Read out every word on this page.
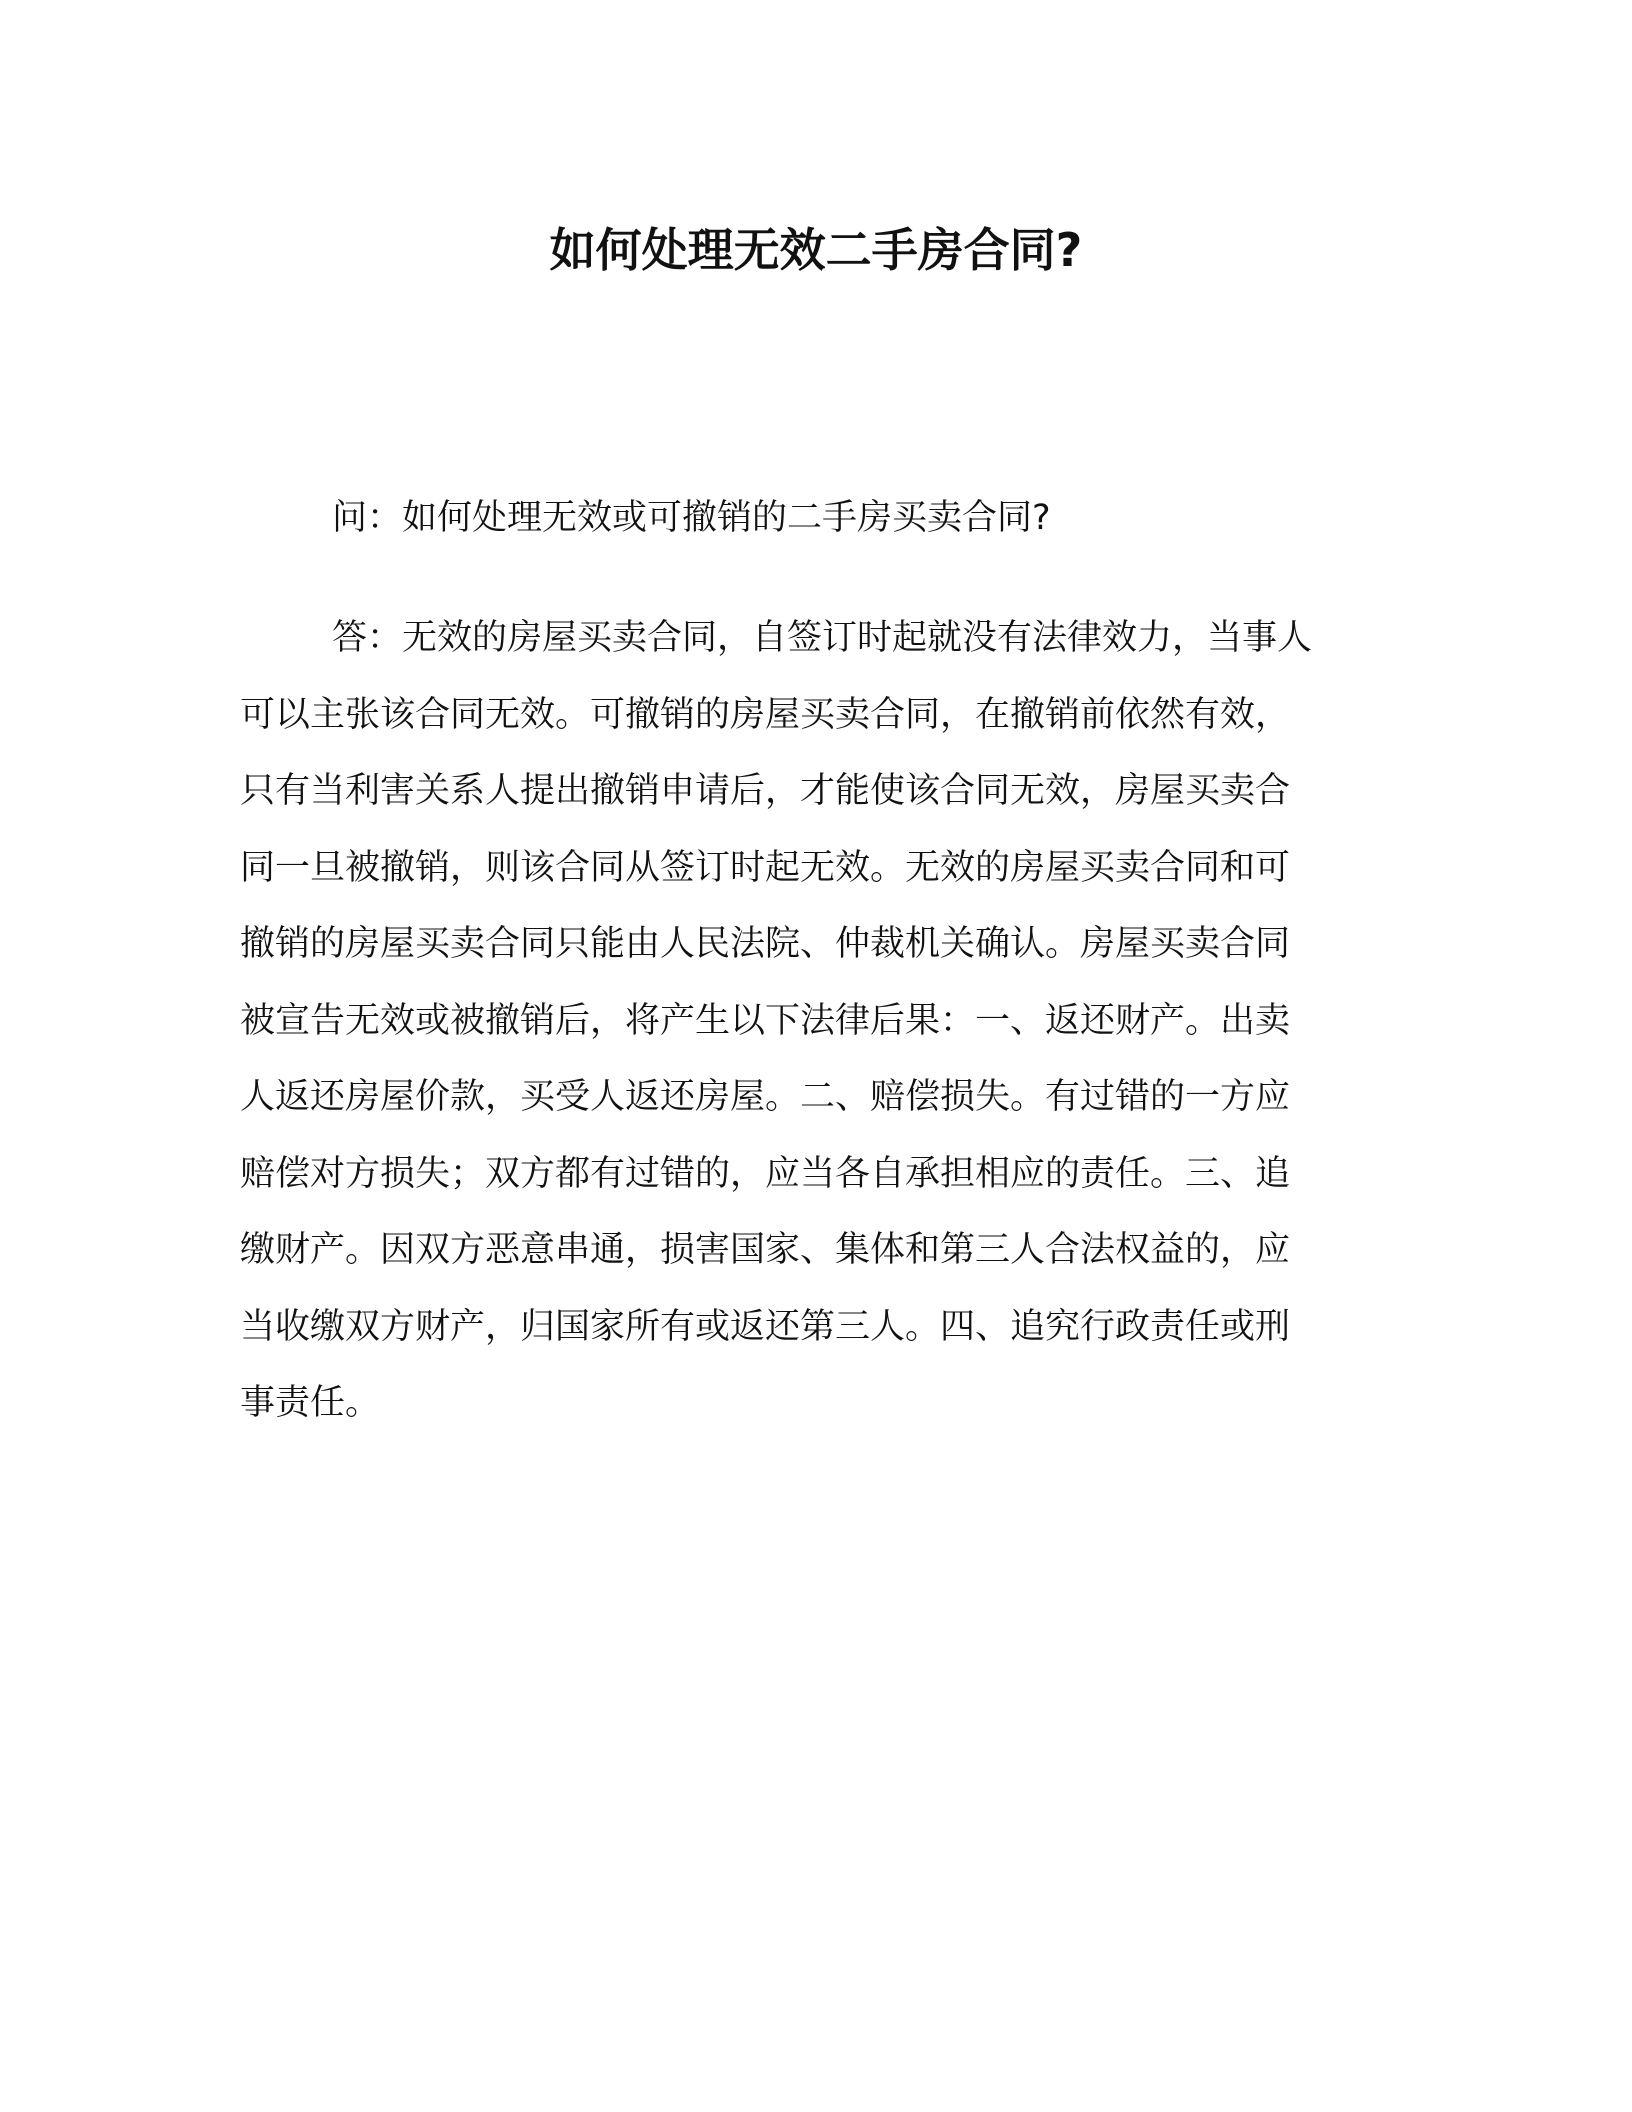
如何处理无效二手房合同?

问：如何处理无效或可撤销的二手房买卖合同?

答：无效的房屋买卖合同，自签订时起就没有法律效力，当事人
可以主张该合同无效。可撤销的房屋买卖合同，在撤销前依然有效，
只有当利害关系人提出撤销申请后，才能使该合同无效，房屋买卖合
同一旦被撤销，则该合同从签订时起无效。无效的房屋买卖合同和可
撤销的房屋买卖合同只能由人民法院、仲裁机关确认。房屋买卖合同
被宣告无效或被撤销后，将产生以下法律后果：一、返还财产。出卖
人返还房屋价款，买受人返还房屋。二、赔偿损失。有过错的一方应
赔偿对方损失；双方都有过错的，应当各自承担相应的责任。三、追
缴财产。因双方恶意串通，损害国家、集体和第三人合法权益的，应
当收缴双方财产，归国家所有或返还第三人。四、追究行政责任或刑
事责任。
